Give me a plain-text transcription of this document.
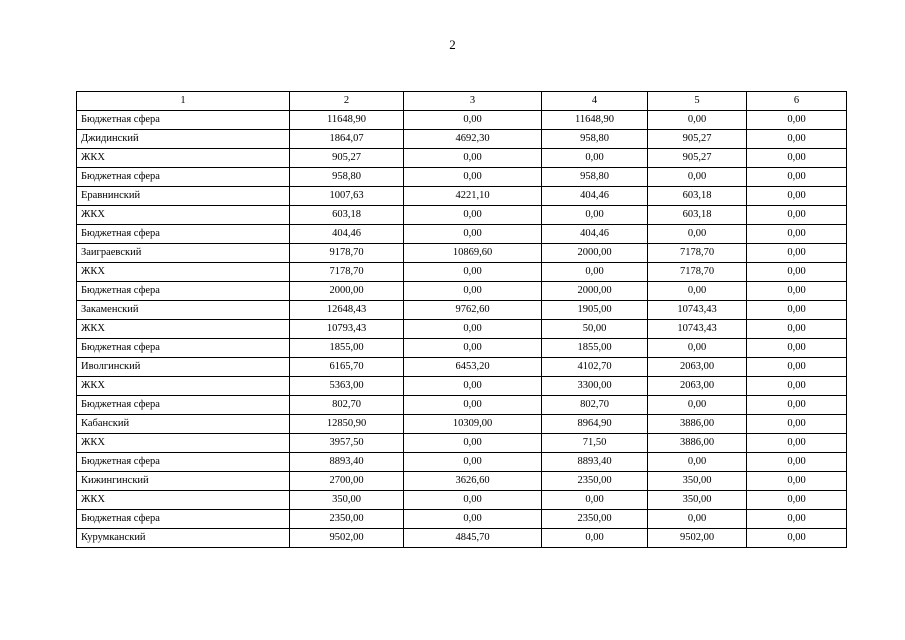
2
1	2	3	4	5	6
Бюджетная сфера	11648,90	0,00	11648,90	0,00	0,00
Джидинский	1864,07	4692,30	958,80	905,27	0,00
ЖКХ	905,27	0,00	0,00	905,27	0,00
Бюджетная сфера	958,80	0,00	958,80	0,00	0,00
Еравнинский	1007,63	4221,10	404,46	603,18	0,00
ЖКХ	603,18	0,00	0,00	603,18	0,00
Бюджетная сфера	404,46	0,00	404,46	0,00	0,00
Заиграевский	9178,70	10869,60	2000,00	7178,70	0,00
ЖКХ	7178,70	0,00	0,00	7178,70	0,00
Бюджетная сфера	2000,00	0,00	2000,00	0,00	0,00
Закаменский	12648,43	9762,60	1905,00	10743,43	0,00
ЖКХ	10793,43	0,00	50,00	10743,43	0,00
Бюджетная сфера	1855,00	0,00	1855,00	0,00	0,00
Иволгинский	6165,70	6453,20	4102,70	2063,00	0,00
ЖКХ	5363,00	0,00	3300,00	2063,00	0,00
Бюджетная сфера	802,70	0,00	802,70	0,00	0,00
Кабанский	12850,90	10309,00	8964,90	3886,00	0,00
ЖКХ	3957,50	0,00	71,50	3886,00	0,00
Бюджетная сфера	8893,40	0,00	8893,40	0,00	0,00
Кижингинский	2700,00	3626,60	2350,00	350,00	0,00
ЖКХ	350,00	0,00	0,00	350,00	0,00
Бюджетная сфера	2350,00	0,00	2350,00	0,00	0,00
Курумканский	9502,00	4845,70	0,00	9502,00	0,00
